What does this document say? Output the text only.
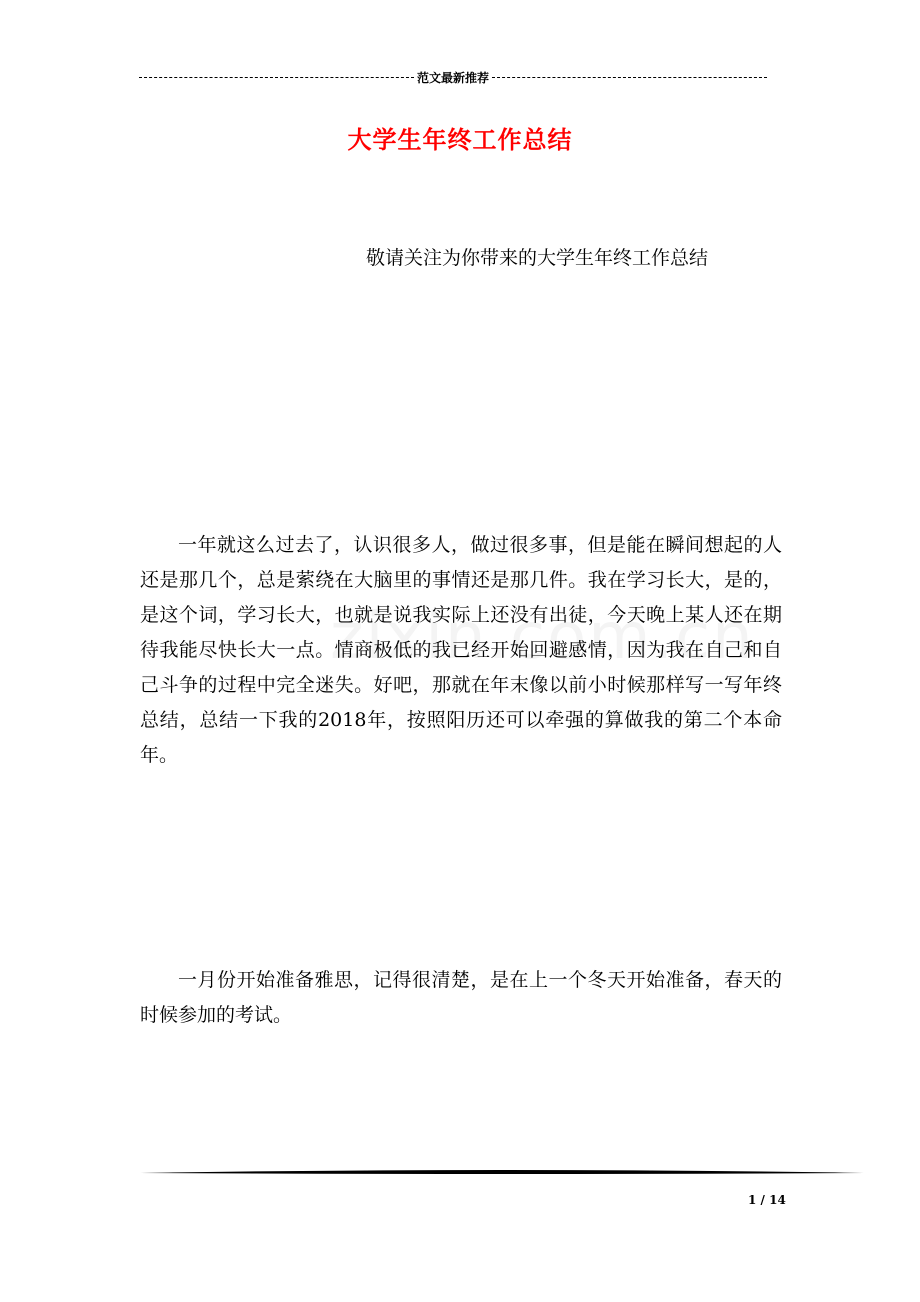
范文最新推荐
大学生年终工作总结
敬请关注为你带来的大学生年终工作总结

一年就这么过去了，认识很多人，做过很多事，但是能在瞬间想起的人还是那几个，总是萦绕在大脑里的事情还是那几件。我在学习长大，是的，是这个词，学习长大，也就是说我实际上还没有出徒，今天晚上某人还在期待我能尽快长大一点。情商极低的我已经开始回避感情，因为我在自己和自己斗争的过程中完全迷失。好吧，那就在年末像以前小时候那样写一写年终总结，总结一下我的2018年，按照阳历还可以牵强的算做我的第二个本命年。

一月份开始准备雅思，记得很清楚，是在上一个冬天开始准备，春天的时候参加的考试。

1 / 14
